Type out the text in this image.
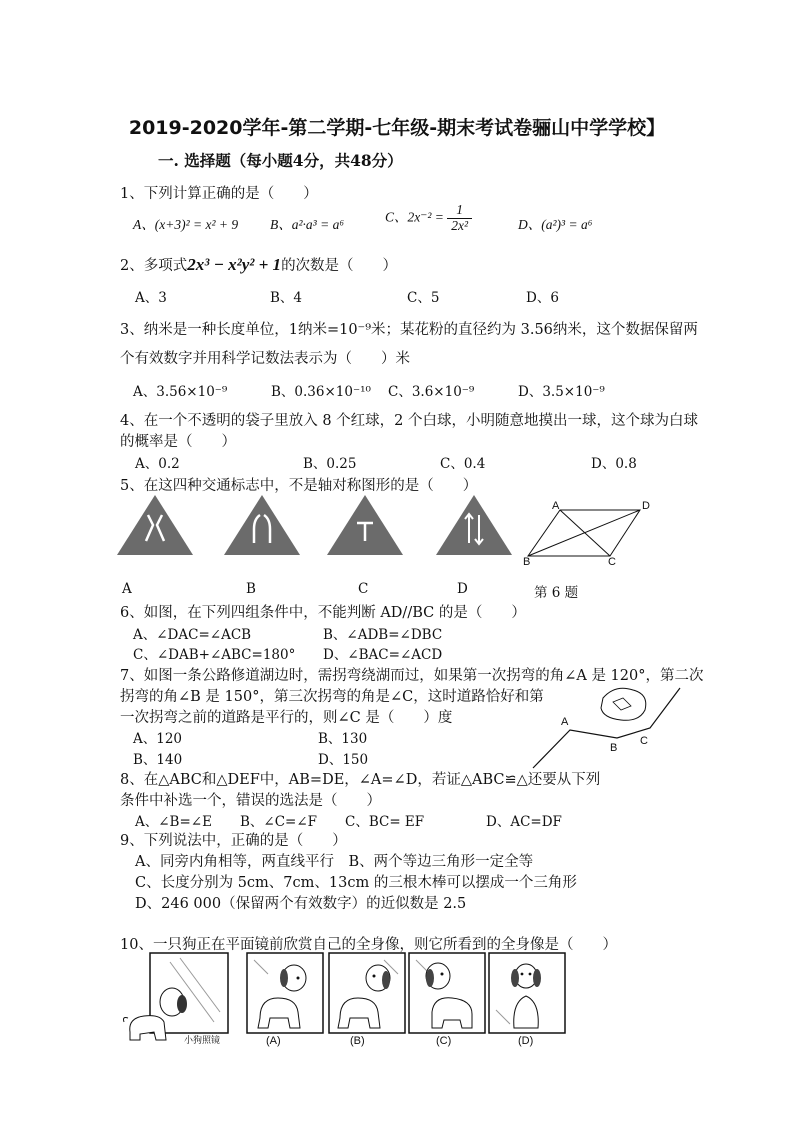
2019-2020学年-第二学期-七年级-期末考试卷骊山中学学校】
一. 选择题（每小题4分，共48分）
1、下列计算正确的是（　　）
A、(x+3)² = x² + 9 B、a²·a³ = a⁶
C、$2x^{-2} = \frac{1}{\text{2x²}}$	D、(a²)³ = a⁶
2、多项式2x³ − x²y² + 1的次数是（　　）
A、3	B、4	C、5	D、6
3、纳米是一种长度单位，1纳米=10⁻⁹米；某花粉的直径约为 3.56纳米，这个数据保留两
个有效数字并用科学记数法表示为（　　）米
A、3.56×10⁻⁹	B、0.36×10⁻¹⁰ C、3.6×10⁻⁹	D、3.5×10⁻⁹
4、在一个不透明的袋子里放入 8 个红球，2 个白球，小明随意地摸出一球，这个球为白球
的概率是（　　）
A、0.2	B、0.25	C、0.4	D、0.8
5、在这四种交通标志中，不是轴对称图形的是（　　）
A	D
B	C
A	B	C	D	第 6 题
6、如图，在下列四组条件中，不能判断 AD//BC 的是（　　）
A、∠DAC=∠ACB	B、∠ADB=∠DBC
C、∠DAB+∠ABC=180° D、∠BAC=∠ACD
7、如图一条公路修道湖边时，需拐弯绕湖而过，如果第一次拐弯的角∠A 是 120°，第二次
拐弯的角∠B 是 150°，第三次拐弯的角是∠C，这时道路恰好和第
一次拐弯之前的道路是平行的，则∠C 是（　　）度
A、120	B、130
B、140	D、150
A
B
C
8、在△ABC和△DEF中，AB=DE，∠A=∠D，若证△ABC≌△还要从下列
条件中补选一个，错误的选法是（　　）
A、∠B=∠E B、∠C=∠F C、BC= EF	D、AC=DF
9、下列说法中，正确的是（　　）
A、同旁内角相等，两直线平行　B、两个等边三角形一定全等
C、长度分别为 5cm、7cm、13cm 的三根木棒可以摆成一个三角形
D、246 000（保留两个有效数字）的近似数是 2.5
10、一只狗正在平面镜前欣赏自己的全身像，则它所看到的全身像是（　　）
小狗照镜	(A)	(B)	(C)	(D)
